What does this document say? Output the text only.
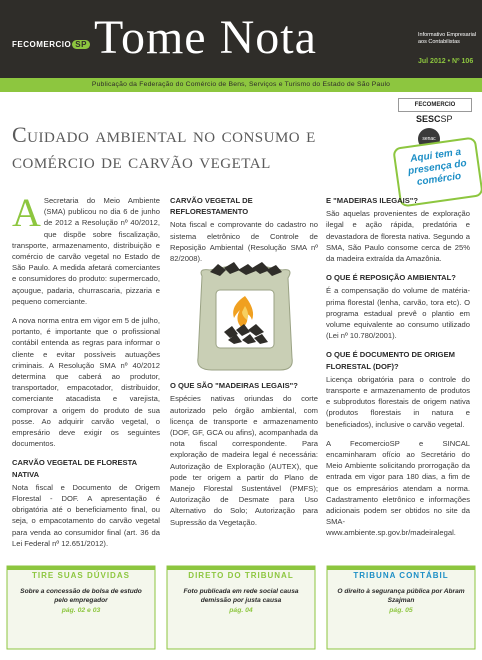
FECOMERCIO SP Tome Nota	Informativo Empresarial aos Contabilistas
Jul 2012 • Nº 106
Publicação da Federação do Comércio de Bens, Serviços e Turismo do Estado de São Paulo
Cuidado ambiental no consumo e comércio de carvão vegetal
FECOMERCIO
SESCSP
senac
Aqui tem a presença do comércio

A Secretaria do Meio Ambiente (SMA) publicou no dia 6 de junho de 2012 a Resolução nº 40/2012, que dispõe sobre fiscalização, transporte, armazenamento, distribuição e comércio de carvão vegetal no Estado de São Paulo. A medida afetará comerciantes e consumidores do produto: supermercado, açougue, padaria, churrascaria, pizzaria e pequeno comerciante.

A nova norma entra em vigor em 5 de julho, portanto, é importante que o profissional contábil entenda as regras para informar o cliente e evitar possíveis autuações criminais. A Resolução SMA nº 40/2012 determina que caberá ao produtor, transportador, empacotador, distribuidor, comerciante atacadista e varejista, comprovar a origem do produto de sua posse. Ao adquirir carvão vegetal, o empresário deve exigir os seguintes documentos.

CARVÃO VEGETAL DE FLORESTA NATIVA

Nota fiscal e Documento de Origem Florestal - DOF. A apresentação é obrigatória até o beneficiamento final, ou seja, o empacotamento do carvão vegetal para venda ao consumidor final (art. 36 da Lei Federal nº 12.651/2012).

CARVÃO VEGETAL DE REFLORESTAMENTO

Nota fiscal e comprovante do cadastro no sistema eletrônico de Controle de Reposição Ambiental (Resolução SMA nº 82/2008).

O QUE SÃO "MADEIRAS LEGAIS"?

Espécies nativas oriundas do corte autorizado pelo órgão ambiental, com licença de transporte e armazenamento (DOF, GF, GCA ou afins), acompanhada da nota fiscal correspondente. Para exploração de madeira legal é necessária: Autorização de Exploração (AUTEX), que pode ter origem a partir do Plano de Manejo Florestal Sustentável (PMFS); Autorização de Desmate para Uso Alternativo do Solo; Autorização para Supressão da Vegetação.

E "MADEIRAS ILEGAIS"?

São aquelas provenientes de exploração ilegal e ação rápida, predatória e devastadora de floresta nativa. Segundo a SMA, São Paulo consome cerca de 25% da madeira extraída da Amazônia.

O QUE É REPOSIÇÃO AMBIENTAL?

É a compensação do volume de matéria-prima florestal (lenha, carvão, tora etc). O programa estadual prevê o plantio em volume equivalente ao consumo utilizado (Lei nº 10.780/2001).

O QUE É DOCUMENTO DE ORIGEM FLORESTAL (DOF)?

Licença obrigatória para o controle do transporte e armazenamento de produtos e subprodutos florestais de origem nativa (produtos florestais in natura e beneficiados), inclusive o carvão vegetal.

A FecomercioSP e SINCAL encaminharam ofício ao Secretário do Meio Ambiente solicitando prorrogação da entrada em vigor para 180 dias, a fim de que os empresários atendam a norma. Cadastramento eletrônico e informações adicionais podem ser obtidos no site da SMA-www.ambiente.sp.gov.br/madeiralegal.

TIRE SUAS DÚVIDAS
Sobre a concessão de bolsa de estudo pelo empregador
pág. 02 e 03
DIRETO DO TRIBUNAL
Foto publicada em rede social causa demissão por justa causa
pág. 04
TRIBUNA CONTÁBIL
O direito à segurança pública por Abram Szajman
pág. 05
